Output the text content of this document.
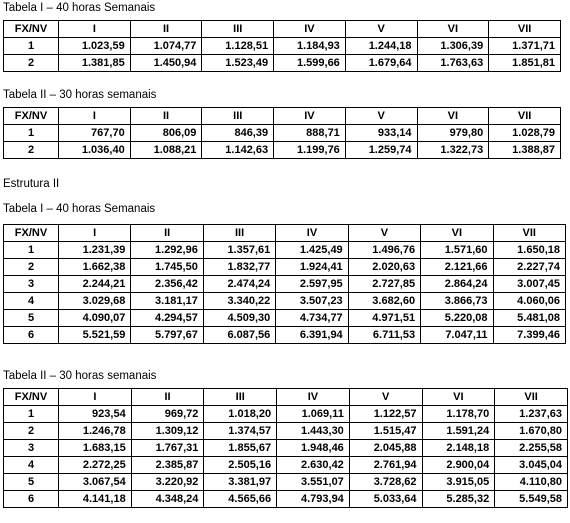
Tabela I – 40 horas Semanais
FX/NV	I	II	III	IV	V	VI	VII
1	1.023,59	1.074,77	1.128,51	1.184,93	1.244,18	1.306,39	1.371,71
2	1.381,85	1.450,94	1.523,49	1.599,66	1.679,64	1.763,63	1.851,81
Tabela II – 30 horas semanais
FX/NV	I	II	III	IV	V	VI	VII
1	767,70	806,09	846,39	888,71	933,14	979,80	1.028,79
2	1.036,40	1.088,21	1.142,63	1.199,76	1.259,74	1.322,73	1.388,87
Estrutura II
Tabela I – 40 horas Semanais
FX/NV	I	II	III	IV	V	VI	VII
1	1.231,39	1.292,96	1.357,61	1.425,49	1.496,76	1.571,60	1.650,18
2	1.662,38	1.745,50	1.832,77	1.924,41	2.020,63	2.121,66	2.227,74
3	2.244,21	2.356,42	2.474,24	2.597,95	2.727,85	2.864,24	3.007,45
4	3.029,68	3.181,17	3.340,22	3.507,23	3.682,60	3.866,73	4.060,06
5	4.090,07	4.294,57	4.509,30	4.734,77	4.971,51	5.220,08	5.481,08
6	5.521,59	5.797,67	6.087,56	6.391,94	6.711,53	7.047,11	7.399,46
Tabela II – 30 horas semanais
FX/NV	I	II	III	IV	V	VI	VII
1	923,54	969,72	1.018,20	1.069,11	1.122,57	1.178,70	1.237,63
2	1.246,78	1.309,12	1.374,57	1.443,30	1.515,47	1.591,24	1.670,80
3	1.683,15	1.767,31	1.855,67	1.948,46	2.045,88	2.148,18	2.255,58
4	2.272,25	2.385,87	2.505,16	2.630,42	2.761,94	2.900,04	3.045,04
5	3.067,54	3.220,92	3.381,97	3.551,07	3.728,62	3.915,05	4.110,80
6	4.141,18	4.348,24	4.565,66	4.793,94	5.033,64	5.285,32	5.549,58
